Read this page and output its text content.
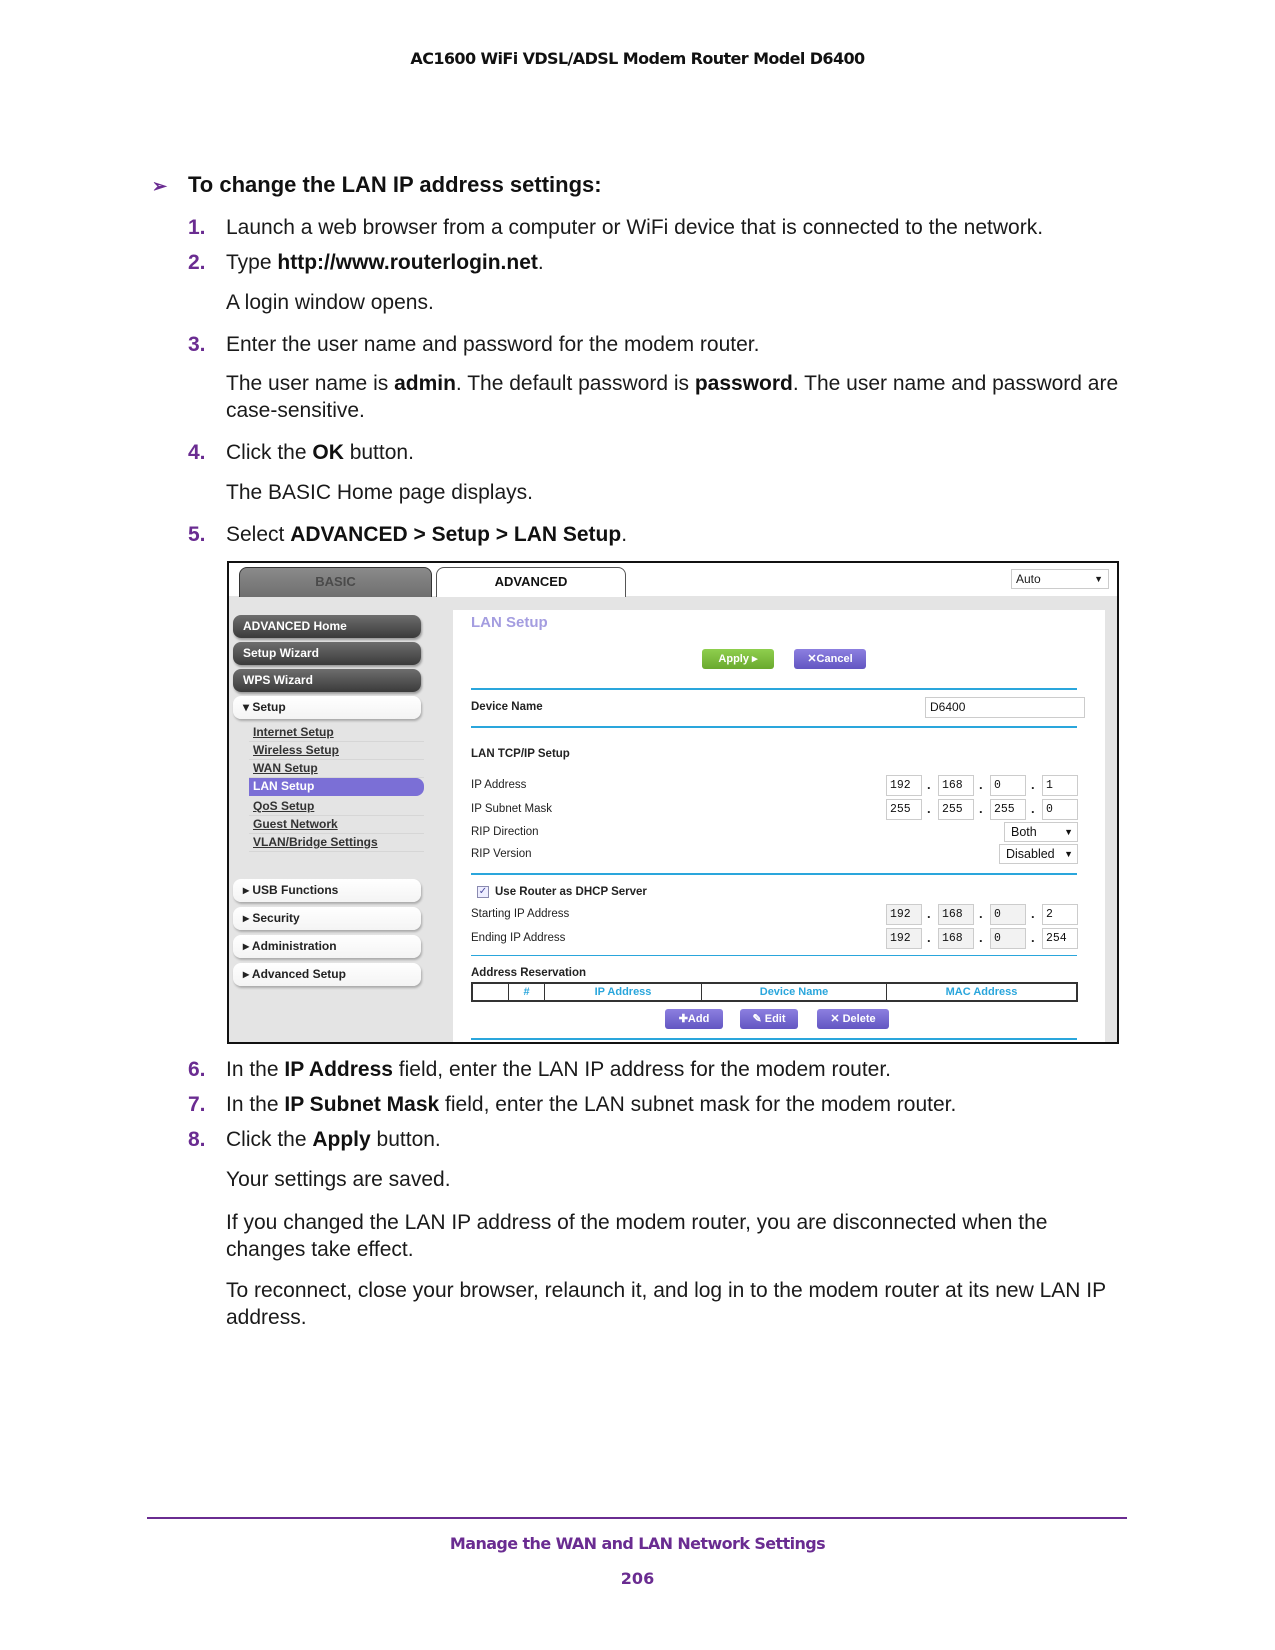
AC1600 WiFi VDSL/ADSL Modem Router Model D6400
➢ To change the LAN IP address settings:
1. Launch a web browser from a computer or WiFi device that is connected to the network.
2. Type http://www.routerlogin.net.
A login window opens.
3. Enter the user name and password for the modem router.
The user name is admin. The default password is password. The user name and password are case-sensitive.
4. Click the OK button.
The BASIC Home page displays.
5. Select ADVANCED > Setup > LAN Setup.
BASIC	ADVANCED	Auto	▼
ADVANCED Home
Setup Wizard
WPS Wizard
▾ Setup
Internet Setup
Wireless Setup
WAN Setup
LAN Setup
QoS Setup
Guest Network
VLAN/Bridge Settings
▸ USB Functions
▸ Security
▸ Administration
▸ Advanced Setup
LAN Setup
Apply ▸	✕Cancel
Device Name	D6400
LAN TCP/IP Setup
IP Address	192	. 168	. 0	. 1
IP Subnet Mask	255	. 255	. 255	. 0
RIP Direction	Both	▼
RIP Version	Disabled ▼
✓ Use Router as DHCP Server
Starting IP Address	192	. 168	. 0	. 2
Ending IP Address	192	. 168	. 0	. 254
Address Reservation
#	IP Address	Device Name	MAC Address
✚Add	✎ Edit	✕ Delete
6. In the IP Address field, enter the LAN IP address for the modem router.
7. In the IP Subnet Mask field, enter the LAN subnet mask for the modem router.
8. Click the Apply button.
Your settings are saved.
If you changed the LAN IP address of the modem router, you are disconnected when the changes take effect.
To reconnect, close your browser, relaunch it, and log in to the modem router at its new LAN IP address.
Manage the WAN and LAN Network Settings
206
